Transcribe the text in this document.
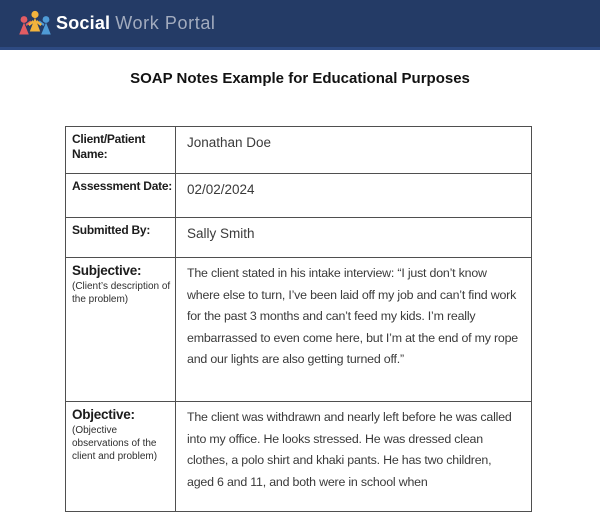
Social Work Portal
SOAP Notes Example for Educational Purposes
Client/Patient Name:	Jonathan Doe

Assessment Date:	02/02/2024

Submitted By:	Sally Smith

Subjective:
(Client’s description of the problem)	The client stated in his intake interview: “I just don’t know where else to turn, I’ve been laid off my job and can’t find work for the past 3 months and can’t feed my kids. I’m really embarrassed to even come here, but I’m at the end of my rope and our lights are also getting turned off.”

Objective:
(Objective observations of the client and problem)	The client was withdrawn and nearly left before he was called into my office. He looks stressed. He was dressed clean clothes, a polo shirt and khaki pants. He has two children, aged 6 and 11, and both were in school when
